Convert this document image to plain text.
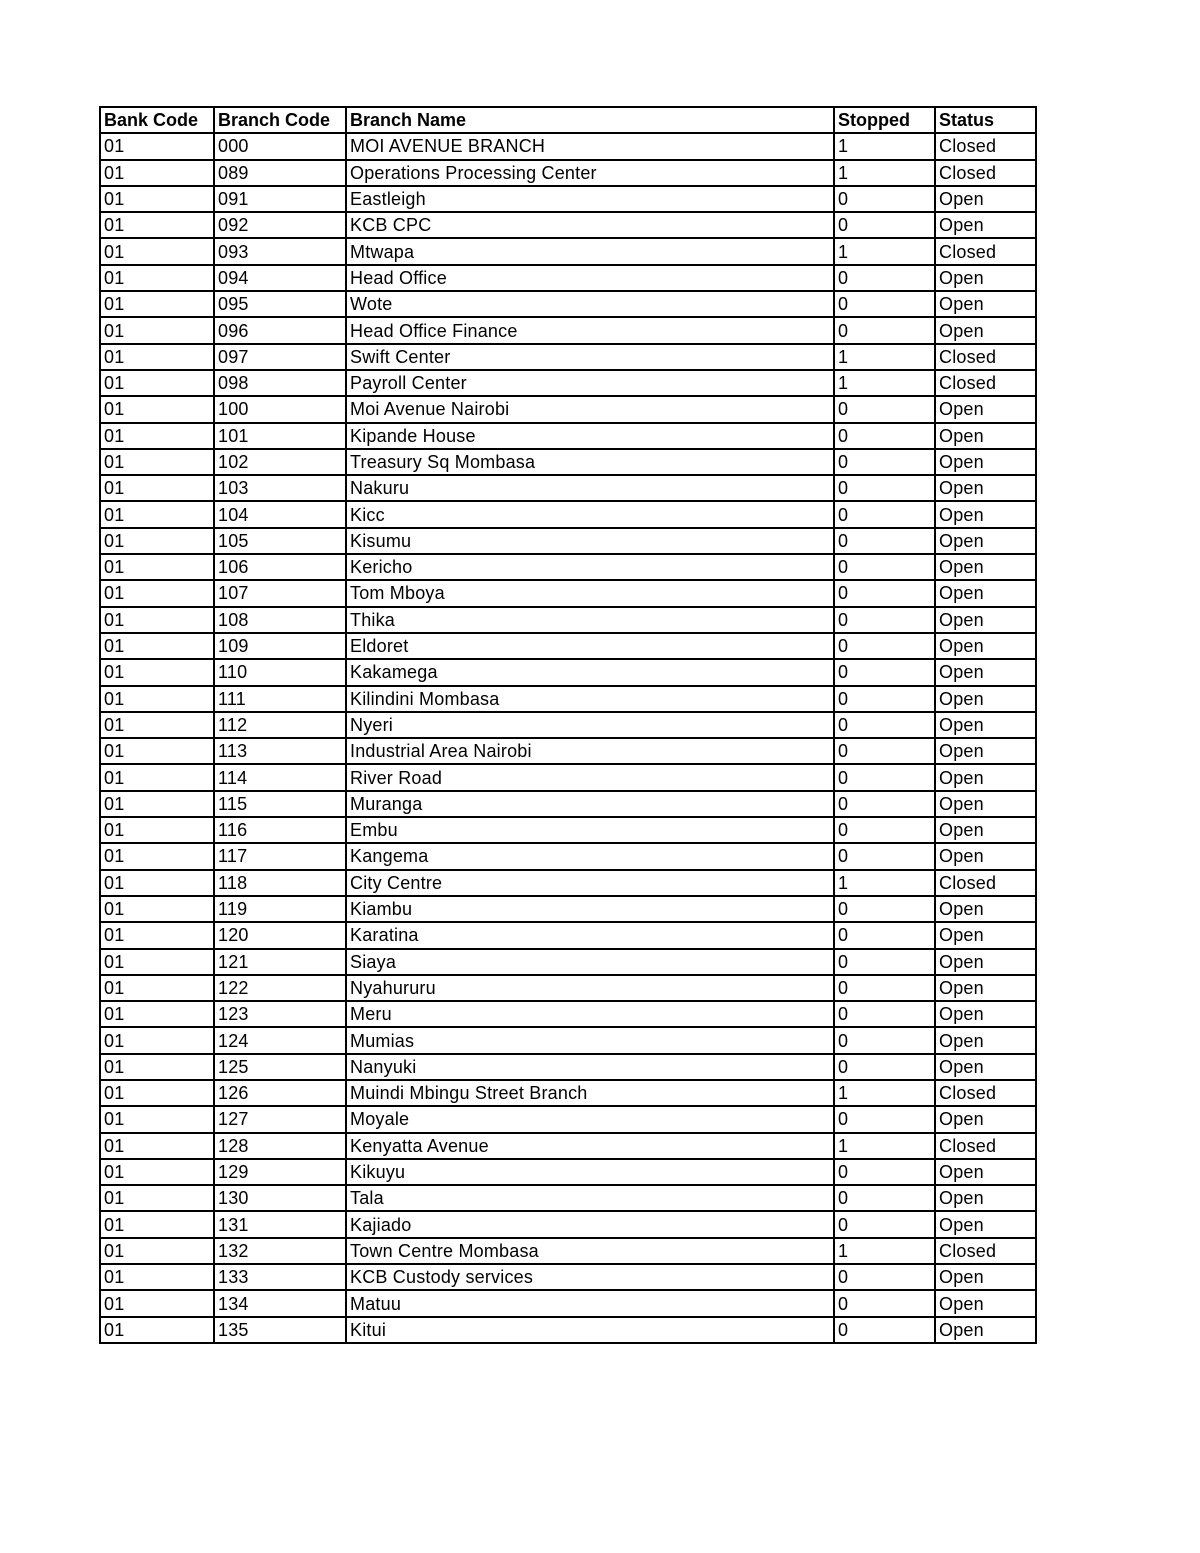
Bank Code	Branch Code	Branch Name	Stopped	Status
01	000	MOI AVENUE BRANCH	1	Closed
01	089	Operations Processing Center	1	Closed
01	091	Eastleigh	0	Open
01	092	KCB CPC	0	Open
01	093	Mtwapa	1	Closed
01	094	Head Office	0	Open
01	095	Wote	0	Open
01	096	Head Office Finance	0	Open
01	097	Swift Center	1	Closed
01	098	Payroll Center	1	Closed
01	100	Moi Avenue Nairobi	0	Open
01	101	Kipande House	0	Open
01	102	Treasury Sq Mombasa	0	Open
01	103	Nakuru	0	Open
01	104	Kicc	0	Open
01	105	Kisumu	0	Open
01	106	Kericho	0	Open
01	107	Tom Mboya	0	Open
01	108	Thika	0	Open
01	109	Eldoret	0	Open
01	110	Kakamega	0	Open
01	111	Kilindini Mombasa	0	Open
01	112	Nyeri	0	Open
01	113	Industrial Area Nairobi	0	Open
01	114	River Road	0	Open
01	115	Muranga	0	Open
01	116	Embu	0	Open
01	117	Kangema	0	Open
01	118	City Centre	1	Closed
01	119	Kiambu	0	Open
01	120	Karatina	0	Open
01	121	Siaya	0	Open
01	122	Nyahururu	0	Open
01	123	Meru	0	Open
01	124	Mumias	0	Open
01	125	Nanyuki	0	Open
01	126	Muindi Mbingu Street Branch	1	Closed
01	127	Moyale	0	Open
01	128	Kenyatta Avenue	1	Closed
01	129	Kikuyu	0	Open
01	130	Tala	0	Open
01	131	Kajiado	0	Open
01	132	Town Centre Mombasa	1	Closed
01	133	KCB Custody services	0	Open
01	134	Matuu	0	Open
01	135	Kitui	0	Open
